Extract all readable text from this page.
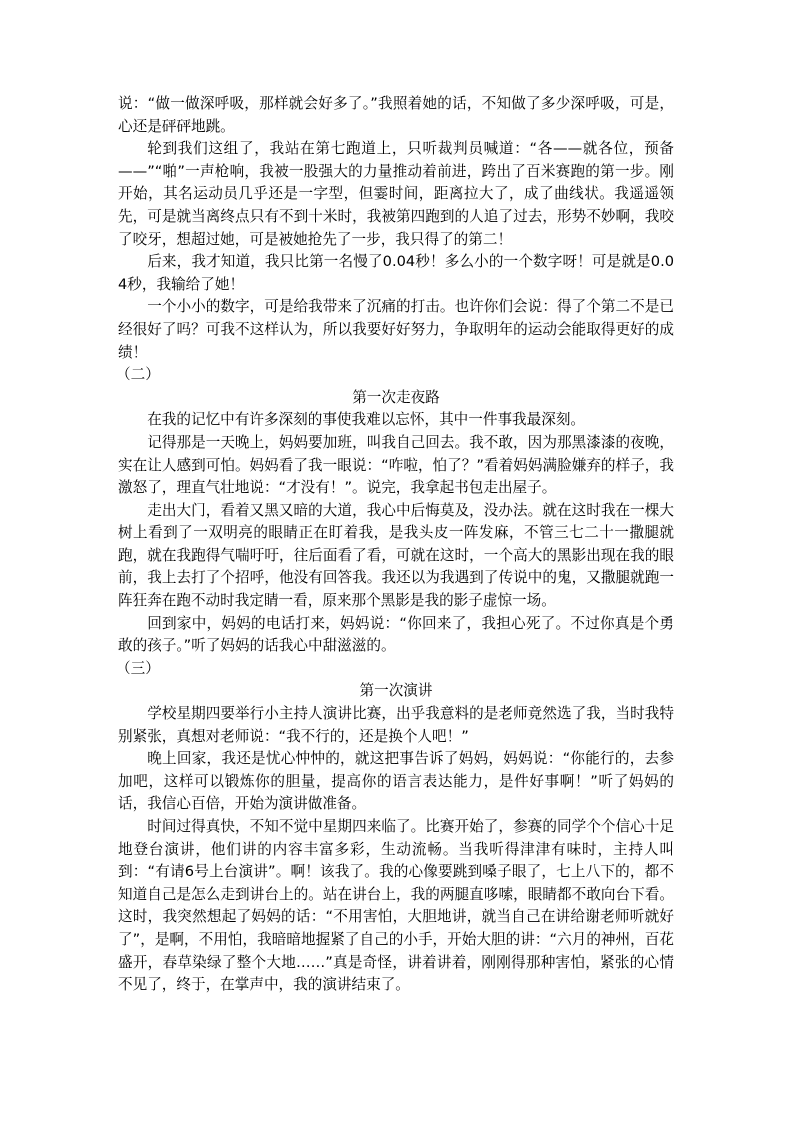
说：“做一做深呼吸，那样就会好多了。”我照着她的话，不知做了多少深呼吸，可是，心还是砰砰地跳。

轮到我们这组了，我站在第七跑道上，只听裁判员喊道：“各——就各位，预备——”“啪”一声枪响，我被一股强大的力量推动着前进，跨出了百米赛跑的第一步。刚开始，其名运动员几乎还是一字型，但霎时间，距离拉大了，成了曲线状。我遥遥领先，可是就当离终点只有不到十米时，我被第四跑到的人追了过去，形势不妙啊，我咬了咬牙，想超过她，可是被她抢先了一步，我只得了的第二！

后来，我才知道，我只比第一名慢了0.04秒！多么小的一个数字呀！可是就是0.04秒，我输给了她！

一个小小的数字，可是给我带来了沉痛的打击。也许你们会说：得了个第二不是已经很好了吗？可我不这样认为，所以我要好好努力，争取明年的运动会能取得更好的成绩！

（二）

第一次走夜路

在我的记忆中有许多深刻的事使我难以忘怀，其中一件事我最深刻。

记得那是一天晚上，妈妈要加班，叫我自己回去。我不敢，因为那黑漆漆的夜晚，实在让人感到可怕。妈妈看了我一眼说：“咋啦，怕了？”看着妈妈满脸嫌弃的样子，我激怒了，理直气壮地说：“才没有！”。说完，我拿起书包走出屋子。

走出大门，看着又黑又暗的大道，我心中后悔莫及，没办法。就在这时我在一棵大树上看到了一双明亮的眼睛正在盯着我，是我头皮一阵发麻，不管三七二十一撒腿就跑，就在我跑得气喘吁吁，往后面看了看，可就在这时，一个高大的黑影出现在我的眼前，我上去打了个招呼，他没有回答我。我还以为我遇到了传说中的鬼，又撒腿就跑一阵狂奔在跑不动时我定睛一看，原来那个黑影是我的影子虚惊一场。

回到家中，妈妈的电话打来，妈妈说：“你回来了，我担心死了。不过你真是个勇敢的孩子。”听了妈妈的话我心中甜滋滋的。

（三）

第一次演讲

学校星期四要举行小主持人演讲比赛，出乎我意料的是老师竟然选了我，当时我特别紧张，真想对老师说：“我不行的，还是换个人吧！”

晚上回家，我还是忧心忡忡的，就这把事告诉了妈妈，妈妈说：“你能行的，去参加吧，这样可以锻炼你的胆量，提高你的语言表达能力，是件好事啊！”听了妈妈的话，我信心百倍，开始为演讲做准备。

时间过得真快，不知不觉中星期四来临了。比赛开始了，参赛的同学个个信心十足地登台演讲，他们讲的内容丰富多彩，生动流畅。当我听得津津有味时，主持人叫到：“有请6号上台演讲”。啊！该我了。我的心像要跳到嗓子眼了，七上八下的，都不知道自己是怎么走到讲台上的。站在讲台上，我的两腿直哆嗦，眼睛都不敢向台下看。这时，我突然想起了妈妈的话：“不用害怕，大胆地讲，就当自己在讲给谢老师听就好了”，是啊，不用怕，我暗暗地握紧了自己的小手，开始大胆的讲：“六月的神州，百花盛开，春草染绿了整个大地……”真是奇怪，讲着讲着，刚刚得那种害怕，紧张的心情不见了，终于，在掌声中，我的演讲结束了。
